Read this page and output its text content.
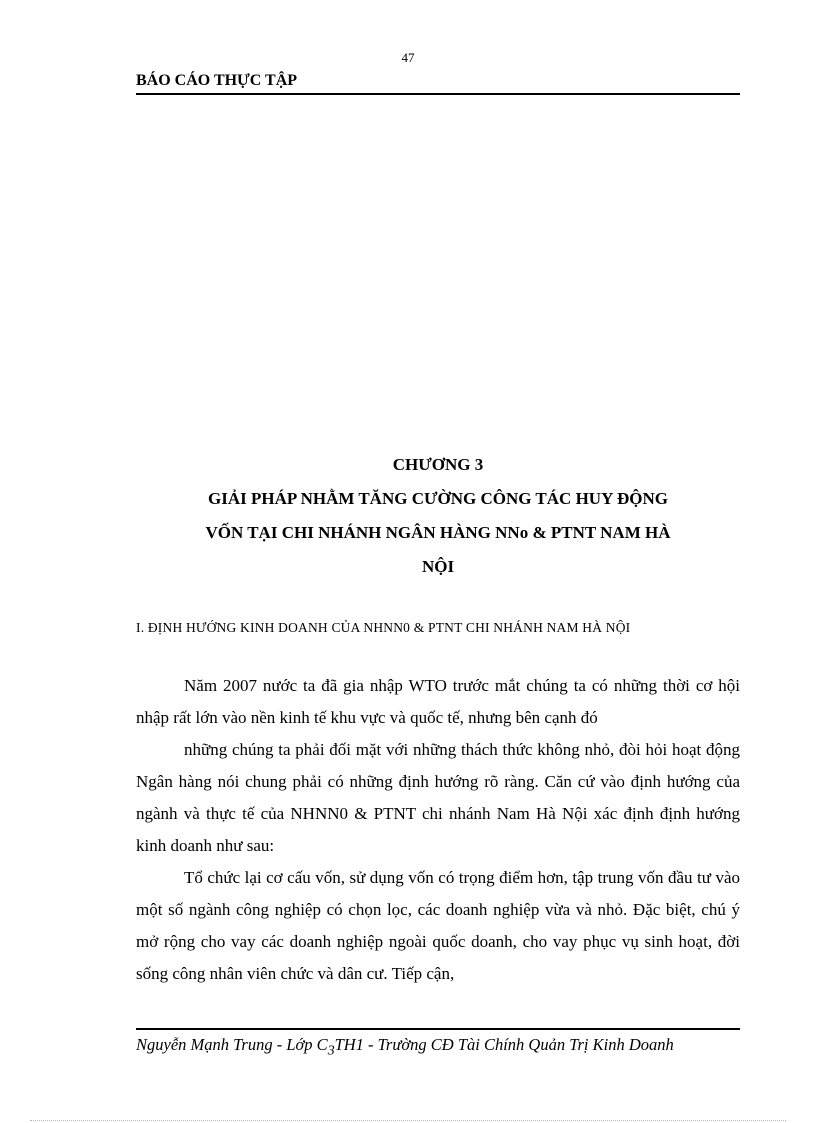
47
BÁO CÁO THỰC TẬP
CHƯƠNG 3
GIẢI PHÁP NHẰM TĂNG CƯỜNG CÔNG TÁC HUY ĐỘNG
VỐN TẠI CHI NHÁNH NGÂN HÀNG NNo & PTNT NAM HÀ
NỘI
I. ĐỊNH HƯỚNG KINH DOANH CỦA NHNN0 & PTNT CHI NHÁNH NAM HÀ NỘI

Năm 2007 nước ta đã gia nhập WTO trước mắt chúng ta có những thời cơ hội nhập rất lớn vào nền kinh tế khu vực và quốc tế, nhưng bên cạnh đó

những chúng ta phải đối mặt với những thách thức không nhỏ, đòi hỏi hoạt động Ngân hàng nói chung phải có những định hướng rõ ràng. Căn cứ vào định hướng của ngành và thực tế của NHNN0 & PTNT chi nhánh Nam Hà Nội xác định định hướng kinh doanh như sau:

Tổ chức lại cơ cấu vốn, sử dụng vốn có trọng điểm hơn, tập trung vốn đầu tư vào một số ngành công nghiệp có chọn lọc, các doanh nghiệp vừa và nhỏ. Đặc biệt, chú ý mở rộng cho vay các doanh nghiệp ngoài quốc doanh, cho vay phục vụ sinh hoạt, đời sống công nhân viên chức và dân cư. Tiếp cận,

Nguyễn Mạnh Trung - Lớp $C_3TH1$ - Trường CĐ Tài Chính Quản Trị Kinh Doanh
